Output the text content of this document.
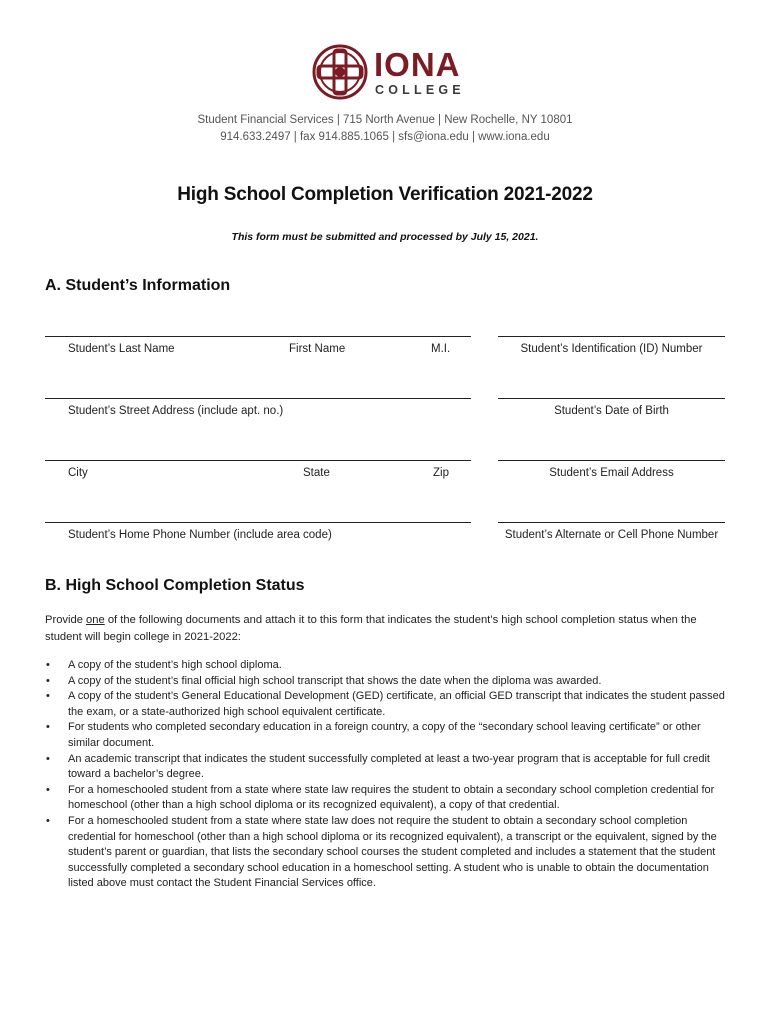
IONA
COLLEGE
Student Financial Services | 715 North Avenue | New Rochelle, NY 10801
914.633.2497 | fax 914.885.1065 | sfs@iona.edu | www.iona.edu
High School Completion Verification 2021-2022
This form must be submitted and processed by July 15, 2021.
A. Student’s Information
Student’s Last Name	First Name	M.I.	Student’s Identification (ID) Number
Student’s Street Address (include apt. no.)	Student’s Date of Birth
City	State	Zip	Student’s Email Address
Student’s Home Phone Number (include area code)	Student’s Alternate or Cell Phone Number
B. High School Completion Status
Provide one of the following documents and attach it to this form that indicates the student’s high school completion status when the student will begin college in 2021-2022:
• A copy of the student’s high school diploma.
• A copy of the student’s final official high school transcript that shows the date when the diploma was awarded.
• A copy of the student’s General Educational Development (GED) certificate, an official GED transcript that indicates the student passed the exam, or a state-authorized high school equivalent certificate.
• For students who completed secondary education in a foreign country, a copy of the “secondary school leaving certificate” or other similar document.
• An academic transcript that indicates the student successfully completed at least a two-year program that is acceptable for full credit toward a bachelor’s degree.
• For a homeschooled student from a state where state law requires the student to obtain a secondary school completion credential for homeschool (other than a high school diploma or its recognized equivalent), a copy of that credential.
• For a homeschooled student from a state where state law does not require the student to obtain a secondary school completion credential for homeschool (other than a high school diploma or its recognized equivalent), a transcript or the equivalent, signed by the student’s parent or guardian, that lists the secondary school courses the student completed and includes a statement that the student successfully completed a secondary school education in a homeschool setting. A student who is unable to obtain the documentation listed above must contact the Student Financial Services office.
